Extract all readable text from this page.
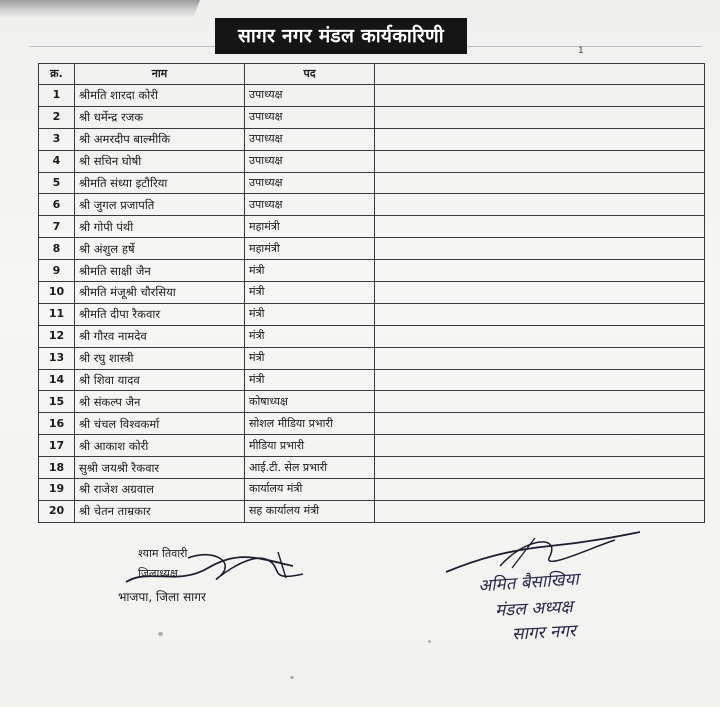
सागर नगर मंडल कार्यकारिणी
1
क्र.	नाम	पद	
1	श्रीमति शारदा कोरी	उपाध्यक्ष	
2	श्री धर्मेन्द्र रजक	उपाध्यक्ष	
3	श्री अमरदीप बाल्मीकि	उपाध्यक्ष	
4	श्री सचिन घोषी	उपाध्यक्ष	
5	श्रीमति संध्या इटौरिया	उपाध्यक्ष	
6	श्री जुगल प्रजापति	उपाध्यक्ष	
7	श्री गोपी पंथी	महामंत्री	
8	श्री अंशुल हर्षे	महामंत्री	
9	श्रीमति साक्षी जैन	मंत्री	
10	श्रीमति मंजूश्री चौरसिया	मंत्री	
11	श्रीमति दीपा रैकवार	मंत्री	
12	श्री गौरव नामदेव	मंत्री	
13	श्री रघु शास्त्री	मंत्री	
14	श्री शिवा यादव	मंत्री	
15	श्री संकल्प जैन	कोषाध्यक्ष	
16	श्री चंचल विश्वकर्मा	सोशल मीडिया प्रभारी	
17	श्री आकाश कोरी	मीडिया प्रभारी	
18	सुश्री जयश्री रैकवार	आई.टी. सेल प्रभारी	
19	श्री राजेश अग्रवाल	कार्यालय मंत्री	
20	श्री चेतन ताम्रकार	सह कार्यालय मंत्री	
श्याम तिवारी
जिलाध्यक्ष
भाजपा, जिला सागर
अमित बैसाखिया
मंडल अध्यक्ष
सागर नगर
